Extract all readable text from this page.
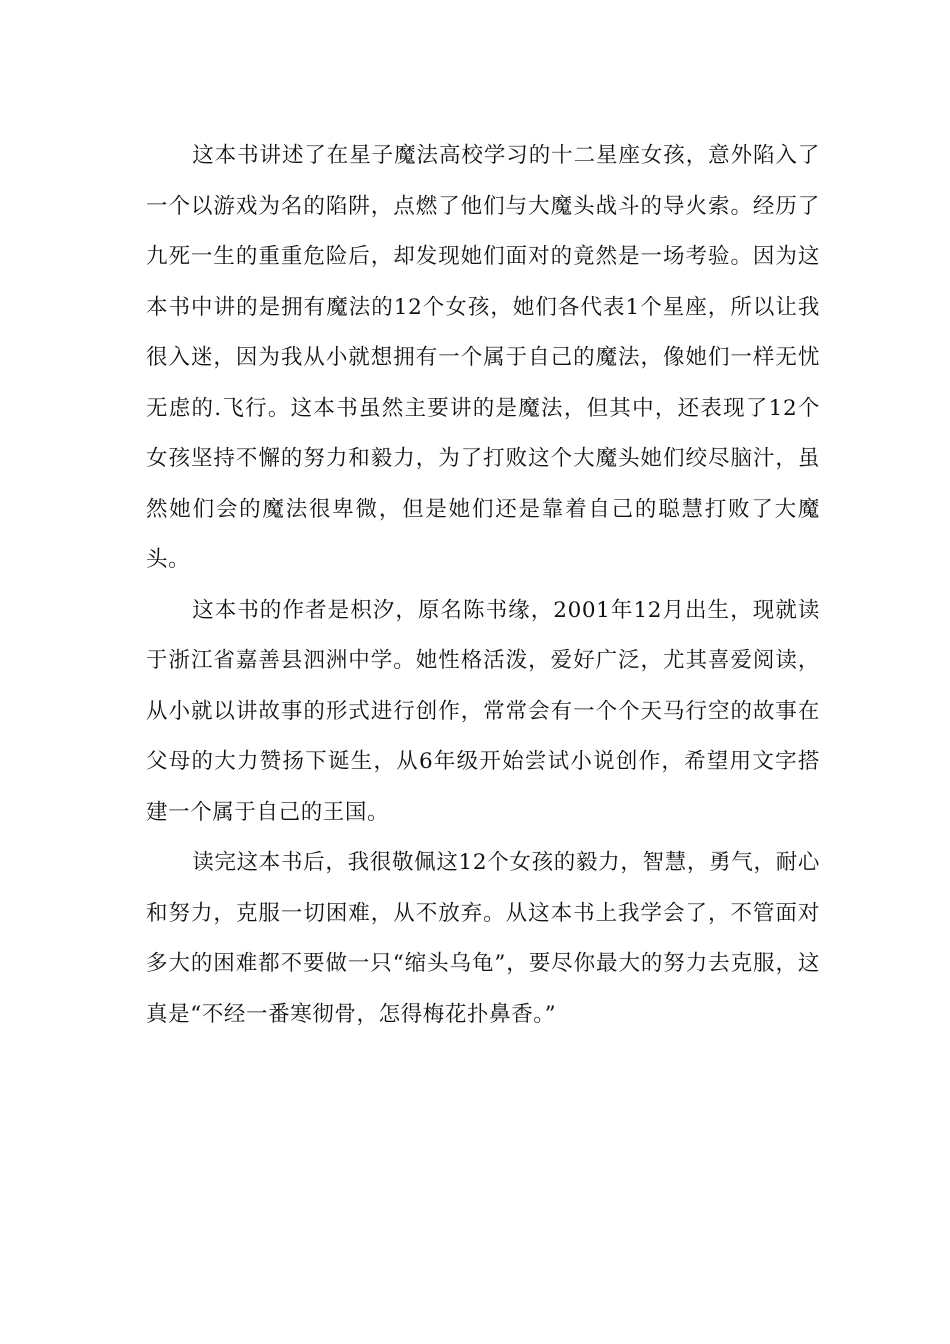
这本书讲述了在星子魔法高校学习的十二星座女孩，意外陷入了一个以游戏为名的陷阱，点燃了他们与大魔头战斗的导火索。经历了九死一生的重重危险后，却发现她们面对的竟然是一场考验。因为这本书中讲的是拥有魔法的12个女孩，她们各代表1个星座，所以让我很入迷，因为我从小就想拥有一个属于自己的魔法，像她们一样无忧无虑的.飞行。这本书虽然主要讲的是魔法，但其中，还表现了12个女孩坚持不懈的努力和毅力，为了打败这个大魔头她们绞尽脑汁，虽然她们会的魔法很卑微，但是她们还是靠着自己的聪慧打败了大魔头。

这本书的作者是枳汐，原名陈书缘，2001年12月出生，现就读于浙江省嘉善县泗洲中学。她性格活泼，爱好广泛，尤其喜爱阅读，从小就以讲故事的形式进行创作，常常会有一个个天马行空的故事在父母的大力赞扬下诞生，从6年级开始尝试小说创作，希望用文字搭建一个属于自己的王国。

读完这本书后，我很敬佩这12个女孩的毅力，智慧，勇气，耐心和努力，克服一切困难，从不放弃。从这本书上我学会了，不管面对多大的困难都不要做一只“缩头乌龟”，要尽你最大的努力去克服，这真是“不经一番寒彻骨，怎得梅花扑鼻香。”
